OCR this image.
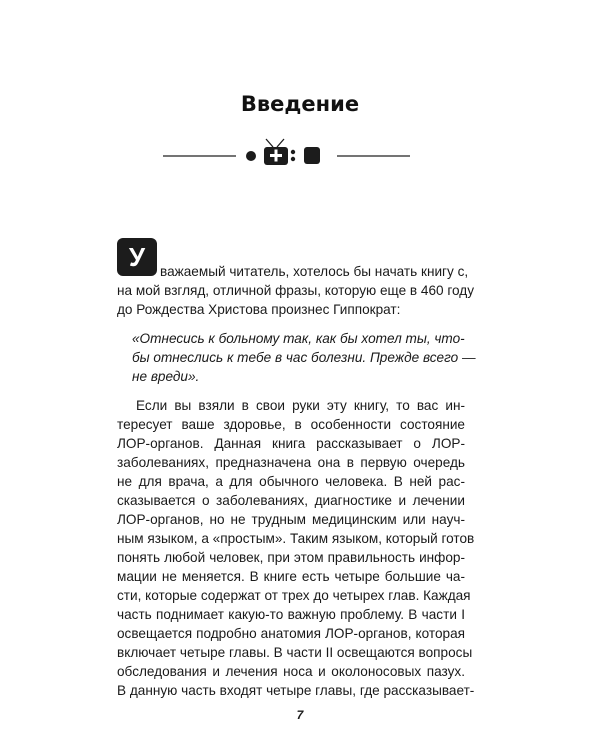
Введение
У	важаемый читатель, хотелось бы начать книгу с,
на мой взгляд, отличной фразы, которую еще в 460 году
до Рождества Христова произнес Гиппократ:
«Отнесись к больному так, как бы хотел ты, что-
бы отнеслись к тебе в час болезни. Прежде всего —
не вреди».
Если вы взяли в свои руки эту книгу, то вас ин-
тересует ваше здоровье, в особенности состояние
ЛОР-органов. Данная книга рассказывает о ЛОР-
заболеваниях, предназначена она в первую очередь
не для врача, а для обычного человека. В ней рас-
сказывается о заболеваниях, диагностике и лечении
ЛОР-органов, но не трудным медицинским или науч-
ным языком, а «простым». Таким языком, который готов
понять любой человек, при этом правильность инфор-
мации не меняется. В книге есть четыре большие ча-
сти, которые содержат от трех до четырех глав. Каждая
часть поднимает какую-то важную проблему. В части I
освещается подробно анатомия ЛОР-органов, которая
включает четыре главы. В части II освещаются вопросы
обследования и лечения носа и околоносовых пазух.
7
В данную часть входят четыре главы, где рассказывает-
